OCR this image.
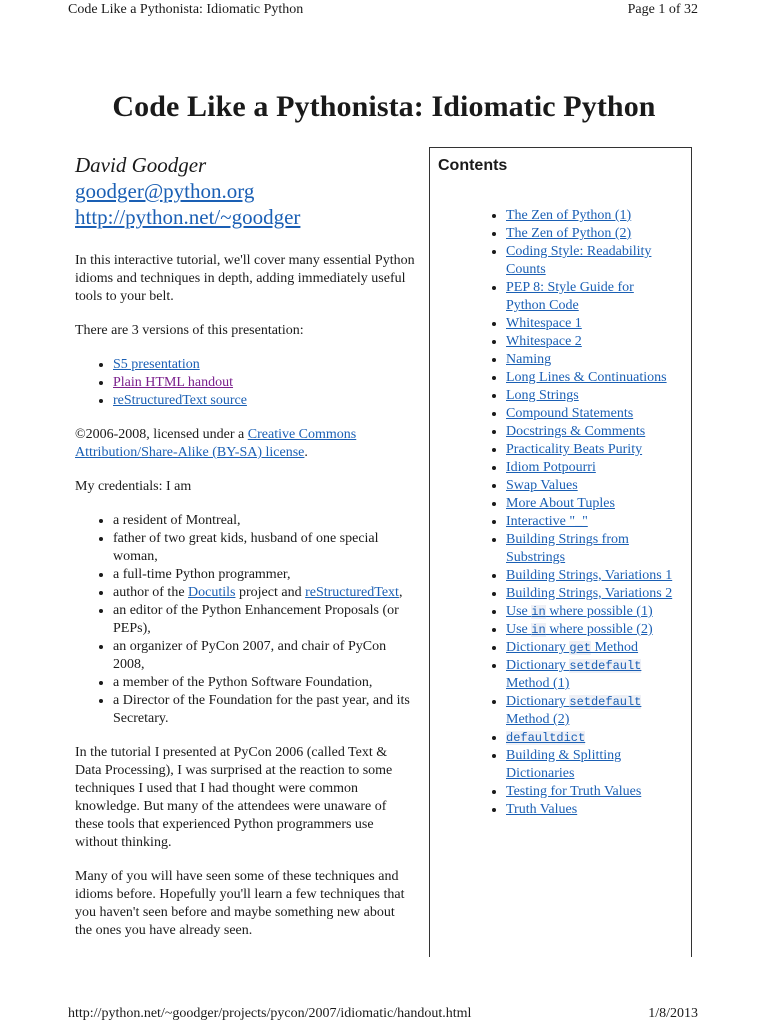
Code Like a Pythonista: Idiomatic Python	Page 1 of 32
Code Like a Pythonista: Idiomatic Python
David Goodger
goodger@python.org
http://python.net/~goodger

In this interactive tutorial, we'll cover many essential Python idioms and techniques in depth, adding immediately useful tools to your belt.

There are 3 versions of this presentation:

• S5 presentation
• Plain HTML handout
• reStructuredText source

©2006-2008, licensed under a Creative Commons Attribution/Share-Alike (BY-SA) license.

My credentials: I am

• a resident of Montreal,
• father of two great kids, husband of one special woman,
• a full-time Python programmer,
• author of the Docutils project and reStructuredText,
• an editor of the Python Enhancement Proposals (or PEPs),
• an organizer of PyCon 2007, and chair of PyCon 2008,
• a member of the Python Software Foundation,
• a Director of the Foundation for the past year, and its Secretary.

In the tutorial I presented at PyCon 2006 (called Text & Data Processing), I was surprised at the reaction to some techniques I used that I had thought were common knowledge. But many of the attendees were unaware of these tools that experienced Python programmers use without thinking.

Many of you will have seen some of these techniques and idioms before. Hopefully you'll learn a few techniques that you haven't seen before and maybe something new about the ones you have already seen.

Contents
• The Zen of Python (1)
• The Zen of Python (2)
• Coding Style: Readability Counts
• PEP 8: Style Guide for Python Code
• Whitespace 1
• Whitespace 2
• Naming
• Long Lines & Continuations
• Long Strings
• Compound Statements
• Docstrings & Comments
• Practicality Beats Purity
• Idiom Potpourri
• Swap Values
• More About Tuples
• Interactive "_"
• Building Strings from Substrings
• Building Strings, Variations 1
• Building Strings, Variations 2
• Use in where possible (1)
• Use in where possible (2)
• Dictionary get Method
• Dictionary setdefault Method (1)
• Dictionary setdefault Method (2)
• defaultdict
• Building & Splitting Dictionaries
• Testing for Truth Values
• Truth Values
http://python.net/~goodger/projects/pycon/2007/idiomatic/handout.html	1/8/2013
